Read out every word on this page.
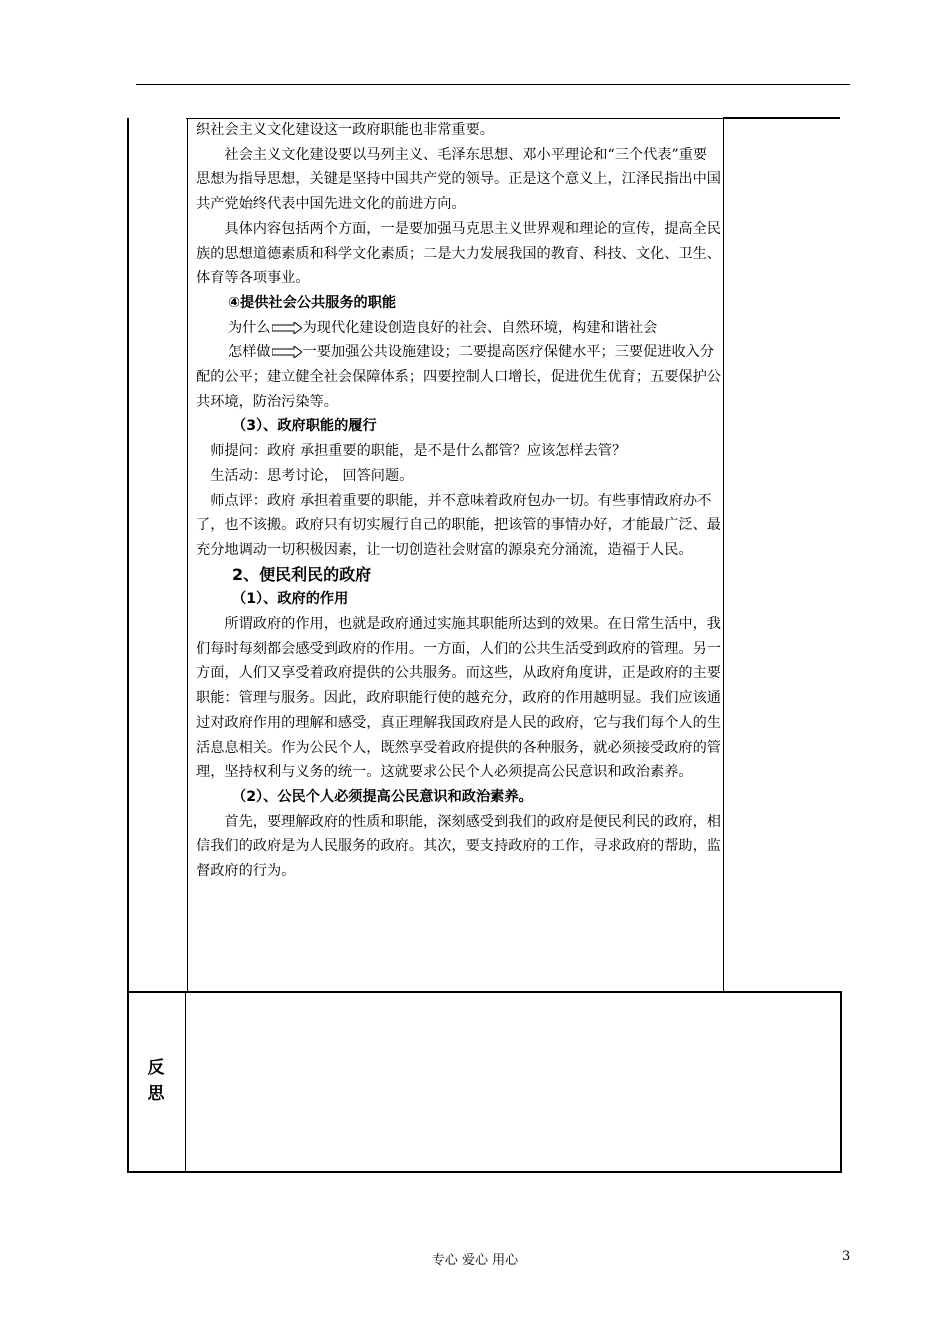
织社会主义文化建设这一政府职能也非常重要。

社会主义文化建设要以马列主义、毛泽东思想、邓小平理论和“三个代表”重要思想为指导思想，关键是坚持中国共产党的领导。正是这个意义上，江泽民指出中国共产党始终代表中国先进文化的前进方向。

具体内容包括两个方面，一是要加强马克思主义世界观和理论的宣传，提高全民族的思想道德素质和科学文化素质；二是大力发展我国的教育、科技、文化、卫生、体育等各项事业。

④提供社会公共服务的职能

为什么 为现代化建设创造良好的社会、自然环境，构建和谐社会

怎样做 一要加强公共设施建设；二要提高医疗保健水平；三要促进收入分配的公平；建立健全社会保障体系；四要控制人口增长，促进优生优育；五要保护公共环境，防治污染等。

（3）、政府职能的履行

师提问：政府 承担重要的职能，是不是什么都管？应该怎样去管？

生活动：思考讨论， 回答问题。

师点评：政府 承担着重要的职能，并不意味着政府包办一切。有些事情政府办不了，也不该搬。政府只有切实履行自己的职能，把该管的事情办好，才能最广泛、最充分地调动一切积极因素，让一切创造社会财富的源泉充分涌流，造福于人民。

2、便民利民的政府

（1）、政府的作用

所谓政府的作用，也就是政府通过实施其职能所达到的效果。在日常生活中，我们每时每刻都会感受到政府的作用。一方面，人们的公共生活受到政府的管理。另一方面，人们又享受着政府提供的公共服务。而这些，从政府角度讲，正是政府的主要职能：管理与服务。因此，政府职能行使的越充分，政府的作用越明显。我们应该通过对政府作用的理解和感受，真正理解我国政府是人民的政府，它与我们每个人的生活息息相关。作为公民个人，既然享受着政府提供的各种服务，就必须接受政府的管理，坚持权利与义务的统一。这就要求公民个人必须提高公民意识和政治素养。

（2）、公民个人必须提高公民意识和政治素养。

首先，要理解政府的性质和职能，深刻感受到我们的政府是便民利民的政府，相信我们的政府是为人民服务的政府。其次，要支持政府的工作，寻求政府的帮助，监督政府的行为。

反
思
专心 爱心 用心	3
